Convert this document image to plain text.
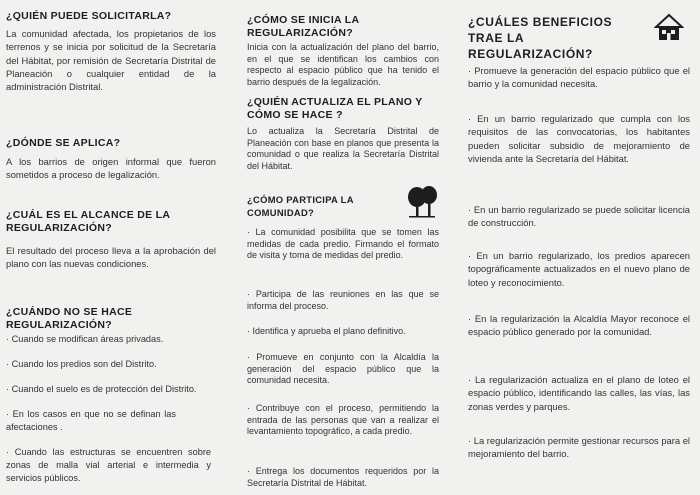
¿QUIÉN PUEDE SOLICITARLA?

La comunidad afectada, los propietarios de los terrenos y se inicia por solicitud de la Secretaría del Hábitat, por remisión de Secretaría Distrital de Planeación o cualquier entidad de la administración Distrital.

¿DÓNDE SE APLICA?

A los barrios de origen informal que fueron sometidos a proceso de legalización.

¿CUÁL ES EL ALCANCE DE LA REGULARIZACIÓN?

El resultado del proceso lleva a la aprobación del plano con las nuevas condiciones.

¿CUÁNDO NO SE HACE REGULARIZACIÓN?

· Cuando se modifican áreas privadas.
· Cuando los predios son del Distrito.
· Cuando el suelo es de protección del Distrito.
· En los casos en que no se definan las afectaciones .
· Cuando las estructuras se encuentren sobre zonas de malla vial arterial e intermedia y servicios públicos.

¿CÓMO SE INICIA LA REGULARIZACIÓN?

Inicia con la actualización del plano del barrio, en el que se identifican los cambios con respecto al espacio público que ha tenido el barrio después de la legalización.

¿QUIÉN ACTUALIZA EL PLANO Y CÓMO SE HACE ?

Lo actualiza la Secretaría Distrital de Planeación con base en planos que presenta la comunidad o que realiza la Secretaría Distrital del Hábitat.

¿CÓMO PARTICIPA LA COMUNIDAD?

· La comunidad posibilita que se tomen las medidas de cada predio. Firmando el formato de visita y toma de medidas del predio.
· Participa de las reuniones en las que se informa del proceso.
· Identifica y aprueba el plano definitivo.
· Promueve en conjunto con la Alcaldía la generación del espacio público que la comunidad necesita.
· Contribuye con el proceso, permitiendo la entrada de las personas que van a realizar el levantamiento topográfico, a cada predio.
· Entrega los documentos requeridos por la Secretaría Distrital de Hábitat.

¿CUÁLES BENEFICIOS TRAE LA REGULARIZACIÓN?

· Promueve la generación del espacio público que el barrio y la comunidad necesita.
· En un barrio regularizado que cumpla con los requisitos de las convocatorias, los habitantes pueden solicitar subsidio de mejoramiento de vivienda ante la Secretaría del Hábitat.
· En un barrio regularizado se puede solicitar licencia de construcción.
· En un barrio regularizado, los predios aparecen topográficamente actualizados en el nuevo plano de loteo y reconocimiento.
· En la regularización la Alcaldía Mayor reconoce el espacio público generado por la comunidad.
· La regularización actualiza en el plano de loteo el espacio público, identificando las calles, las vías, las zonas verdes y parques.
· La regularización permite gestionar recursos para el mejoramiento del barrio.
